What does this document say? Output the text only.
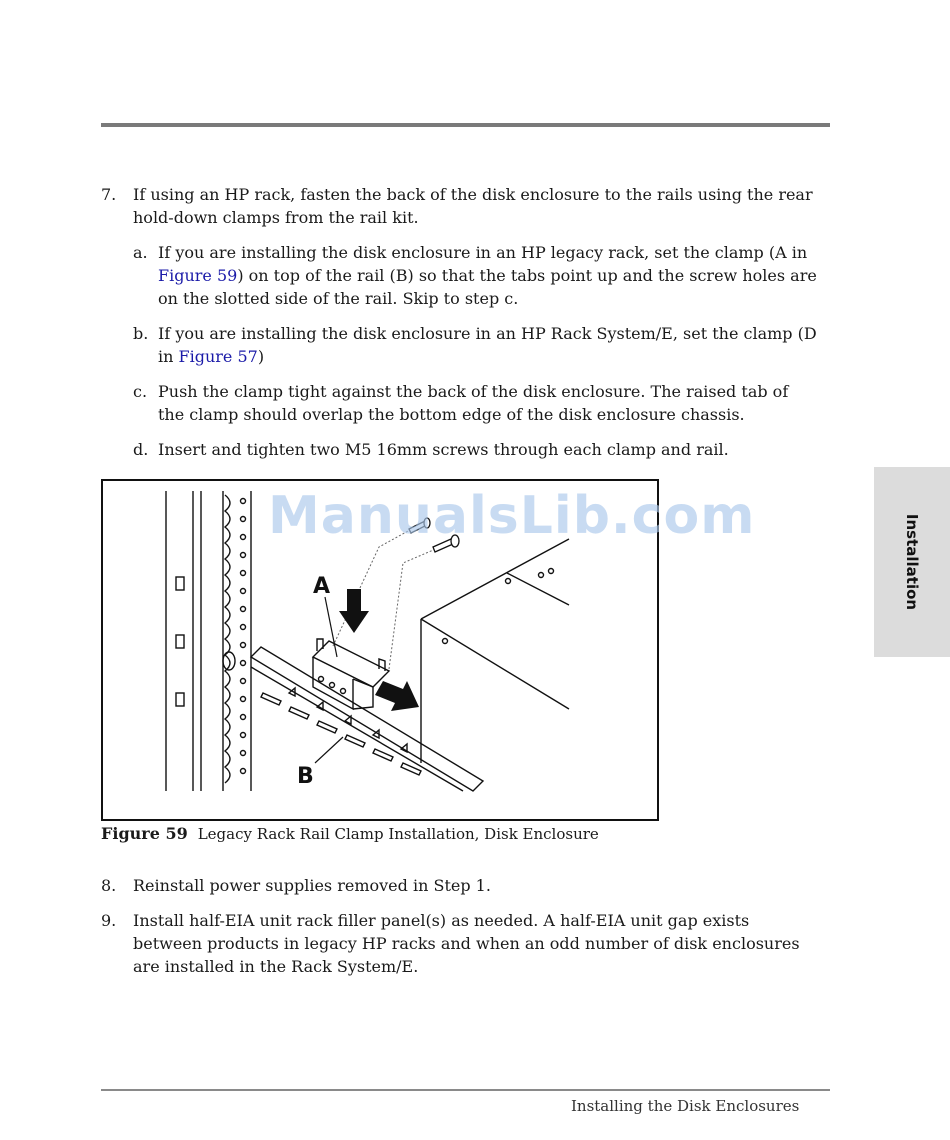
Installation
7. If using an HP rack, fasten the back of the disk enclosure to the rails using the rear hold-down clamps from the rail kit.
a. If you are installing the disk enclosure in an HP legacy rack, set the clamp (A in Figure 59) on top of the rail (B) so that the tabs point up and the screw holes are on the slotted side of the rail. Skip to step c.
b. If you are installing the disk enclosure in an HP Rack System/E, set the clamp (D in Figure 57)
c. Push the clamp tight against the back of the disk enclosure. The raised tab of the clamp should overlap the bottom edge of the disk enclosure chassis.
d. Insert and tighten two M5 16mm screws through each clamp and rail.
A
B
ManualsLib.com
Figure 59 Legacy Rack Rail Clamp Installation, Disk Enclosure
8. Reinstall power supplies removed in Step 1.
9. Install half-EIA unit rack filler panel(s) as needed. A half-EIA unit gap exists between products in legacy HP racks and when an odd number of disk enclosures are installed in the Rack System/E.
Installing the Disk Enclosures
